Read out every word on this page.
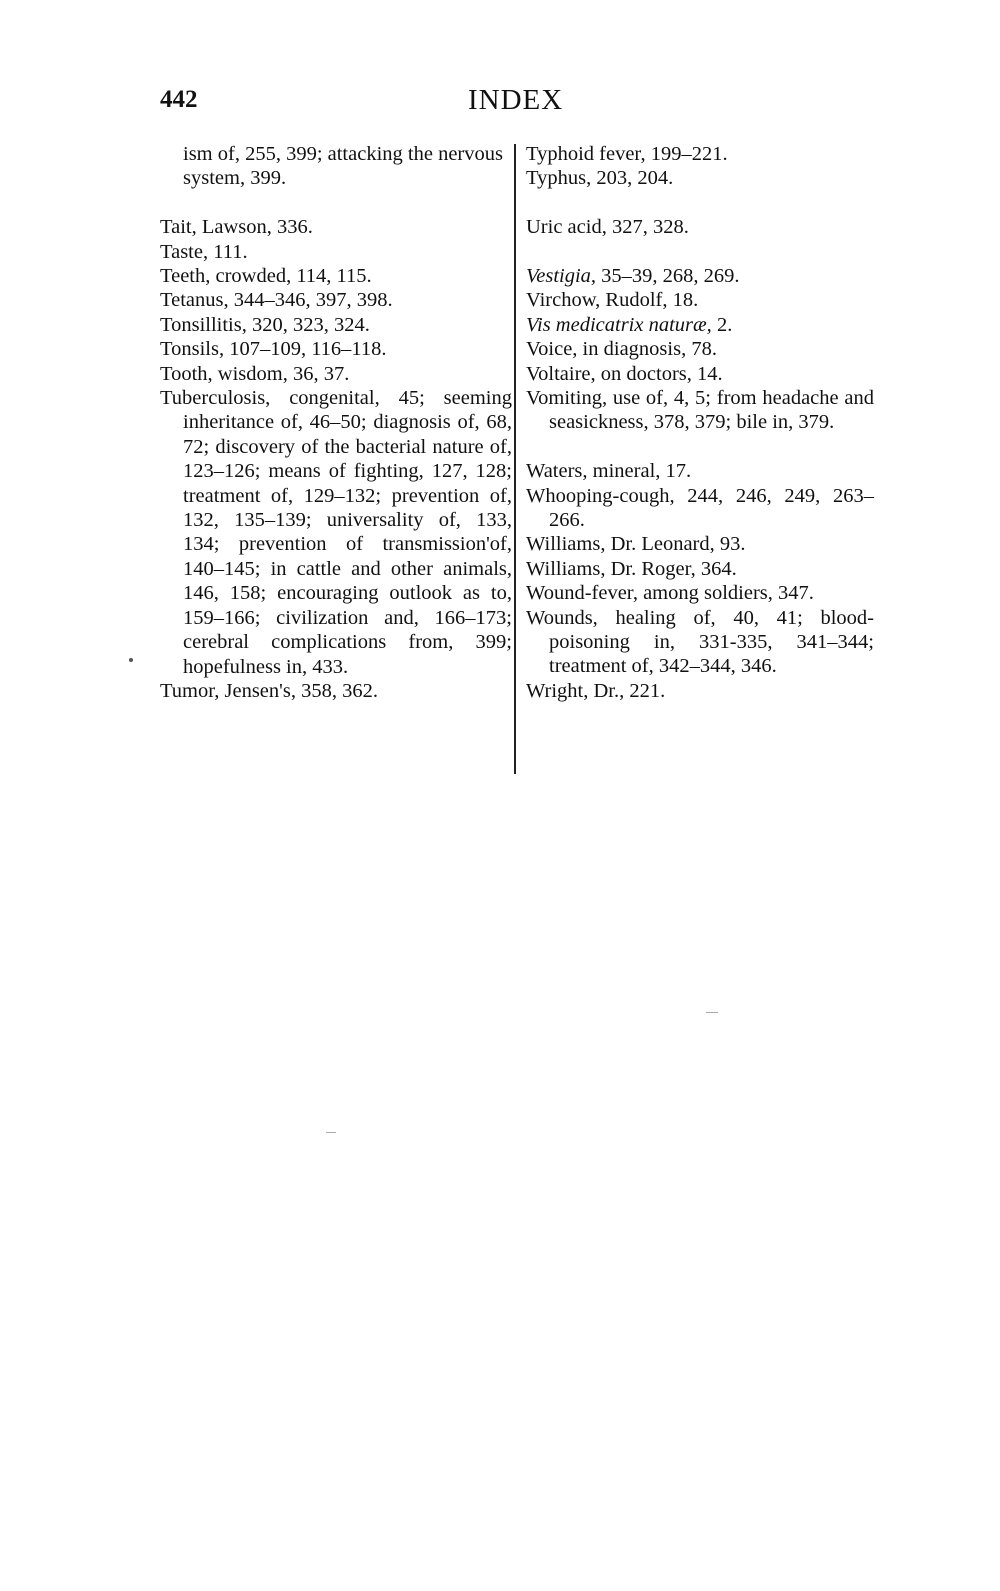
442	INDEX
ism of, 255, 399; attacking the nervous system, 399.
Tait, Lawson, 336.
Taste, 111.
Teeth, crowded, 114, 115.
Tetanus, 344–346, 397, 398.
Tonsillitis, 320, 323, 324.
Tonsils, 107–109, 116–118.
Tooth, wisdom, 36, 37.
Tuberculosis, congenital, 45; seeming inheritance of, 46–50; diagnosis of, 68, 72; discovery of the bacterial nature of, 123–126; means of fighting, 127, 128; treatment of, 129–132; prevention of, 132, 135–139; universality of, 133, 134; prevention of transmission'of, 140–145; in cattle and other animals, 146, 158; encouraging outlook as to, 159–166; civilization and, 166–173; cerebral complications from, 399; hopefulness in, 433.
Tumor, Jensen's, 358, 362.
Typhoid fever, 199–221.
Typhus, 203, 204.
Uric acid, 327, 328.
Vestigia, 35–39, 268, 269.
Virchow, Rudolf, 18.
Vis medicatrix naturæ, 2.
Voice, in diagnosis, 78.
Voltaire, on doctors, 14.
Vomiting, use of, 4, 5; from headache and seasickness, 378, 379; bile in, 379.
Waters, mineral, 17.
Whooping-cough, 244, 246, 249, 263–266.
Williams, Dr. Leonard, 93.
Williams, Dr. Roger, 364.
Wound-fever, among soldiers, 347.
Wounds, healing of, 40, 41; blood-poisoning in, 331-335, 341–344; treatment of, 342–344, 346.
Wright, Dr., 221.
